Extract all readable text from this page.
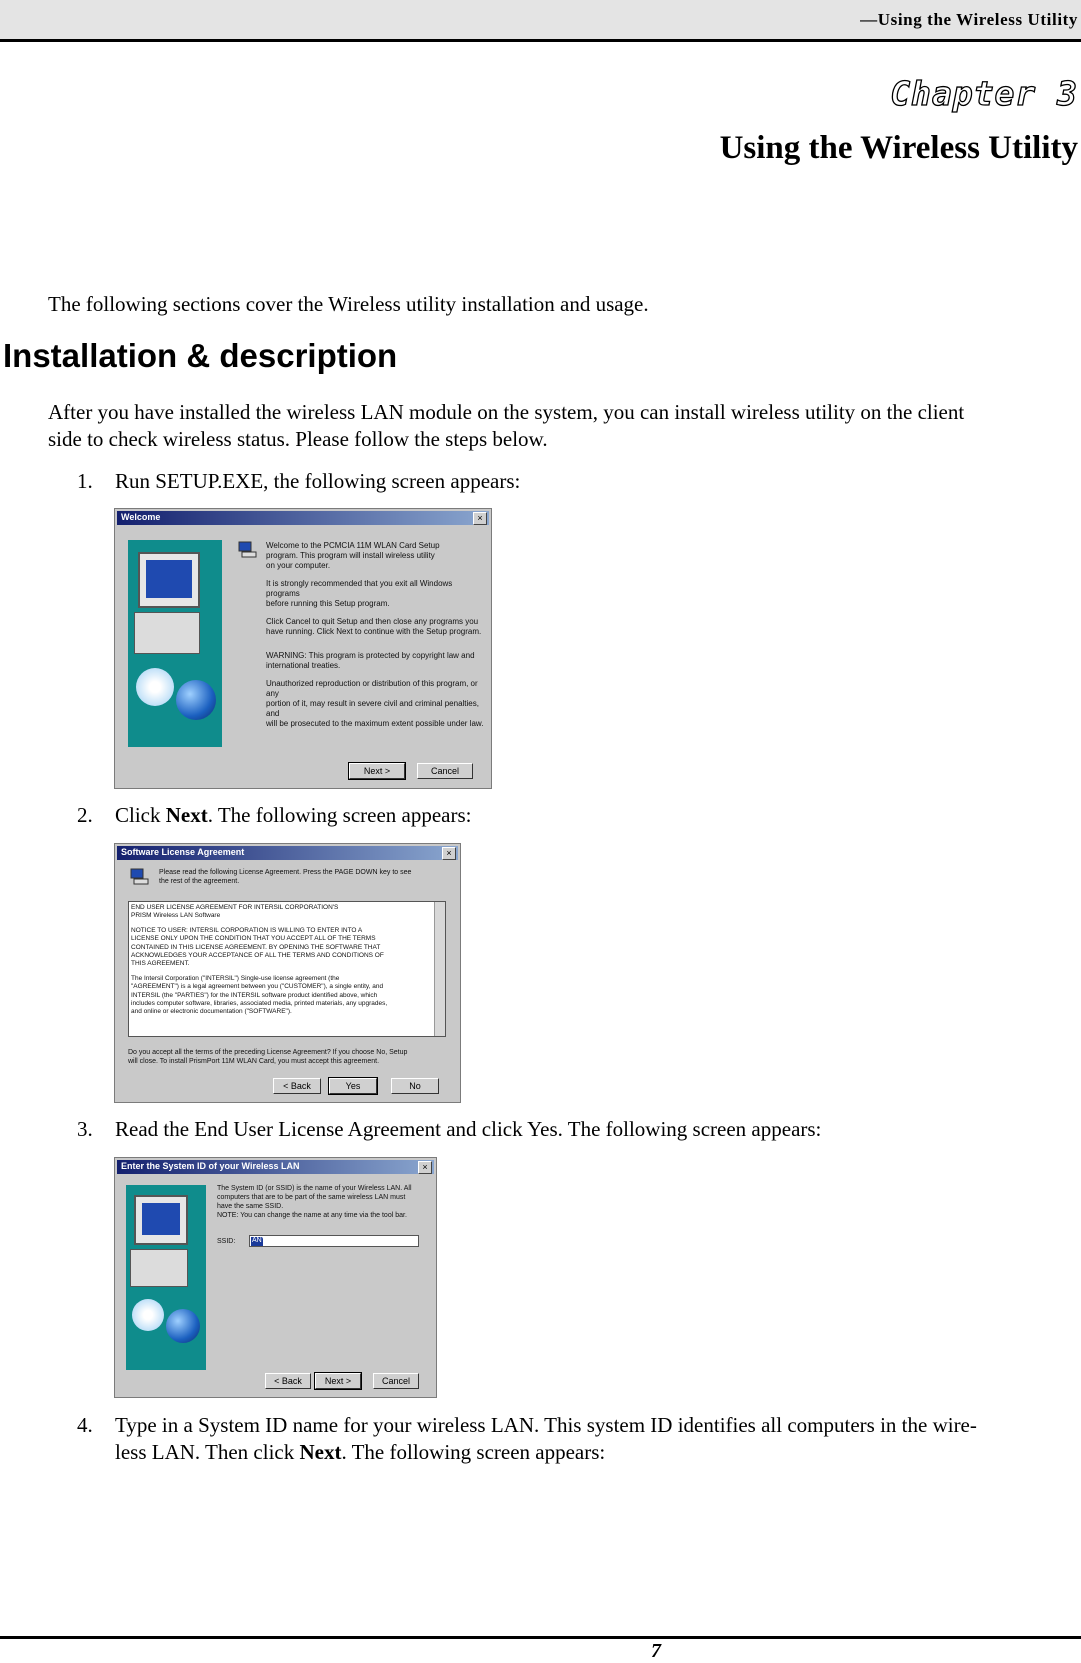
—Using the Wireless Utility
Chapter 3
Using the Wireless Utility
The following sections cover the Wireless utility installation and usage.
Installation & description
After you have installed the wireless LAN module on the system, you can install wireless utility on the client
side to check wireless status. Please follow the steps below.
1. Run SETUP.EXE, the following screen appears:
Welcome	×
Welcome to the PCMCIA 11M WLAN Card Setup
program. This program will install wireless utility
on your computer.
It is strongly recommended that you exit all Windows programs
before running this Setup program.
Click Cancel to quit Setup and then close any programs you
have running. Click Next to continue with the Setup program.
WARNING: This program is protected by copyright law and
international treaties.
Unauthorized reproduction or distribution of this program, or any
portion of it, may result in severe civil and criminal penalties, and
will be prosecuted to the maximum extent possible under law.
Next >	Cancel
2. Click Next. The following screen appears:
Software License Agreement	×
Please read the following License Agreement. Press the PAGE DOWN key to see
the rest of the agreement.
END USER LICENSE AGREEMENT FOR INTERSIL CORPORATION'S
PRISM Wireless LAN Software
NOTICE TO USER: INTERSIL CORPORATION IS WILLING TO ENTER INTO A
LICENSE ONLY UPON THE CONDITION THAT YOU ACCEPT ALL OF THE TERMS
CONTAINED IN THIS LICENSE AGREEMENT. BY OPENING THE SOFTWARE THAT
ACKNOWLEDGES YOUR ACCEPTANCE OF ALL THE TERMS AND CONDITIONS OF
THIS AGREEMENT.
The Intersil Corporation ("INTERSIL") Single-use license agreement (the
"AGREEMENT") is a legal agreement between you ("CUSTOMER"), a single entity, and
INTERSIL (the "PARTIES") for the INTERSIL software product identified above, which
includes computer software, libraries, associated media, printed materials, any upgrades,
and online or electronic documentation ("SOFTWARE").
Do you accept all the terms of the preceding License Agreement? If you choose No, Setup
will close. To install PrismPort 11M WLAN Card, you must accept this agreement.
< Back	Yes	No
3. Read the End User License Agreement and click Yes. The following screen appears:
Enter the System ID of your Wireless LAN	×
The System ID (or SSID) is the name of your Wireless LAN. All
computers that are to be part of the same wireless LAN must
have the same SSID.
NOTE: You can change the name at any time via the tool bar.
SSID: ANY
< Back	Next >	Cancel
4. Type in a System ID name for your wireless LAN. This system ID identifies all computers in the wire-
less LAN. Then click Next. The following screen appears:
7
